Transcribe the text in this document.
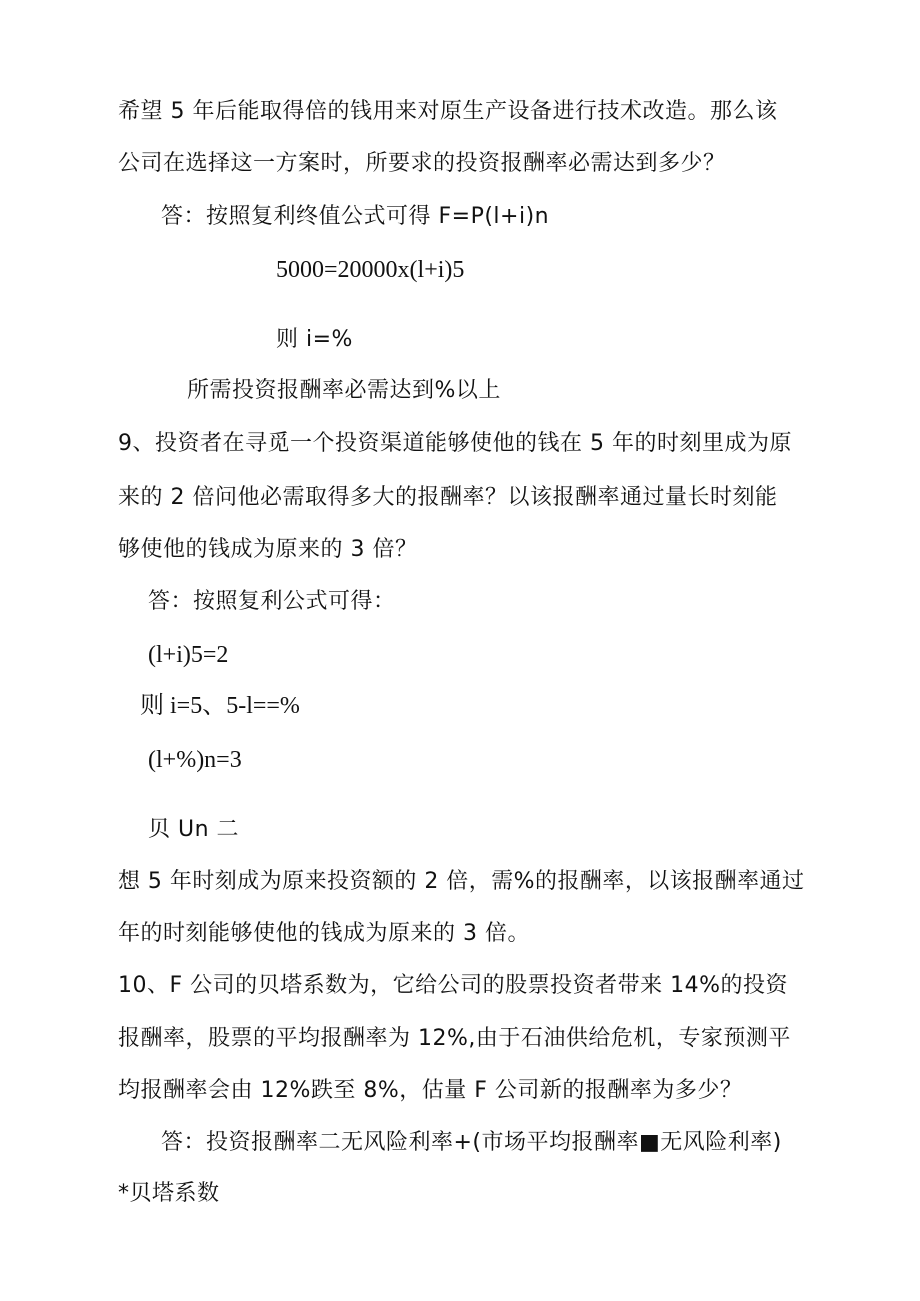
希望 5 年后能取得倍的钱用来对原生产设备进行技术改造。那么该
公司在选择这一方案时，所要求的投资报酬率必需达到多少？
答：按照复利终值公式可得 F=P(l+i)n
5000=20000x(l+i)5
则 i=%
所需投资报酬率必需达到%以上
9、投资者在寻觅一个投资渠道能够使他的钱在 5 年的时刻里成为原
来的 2 倍问他必需取得多大的报酬率？以该报酬率通过量长时刻能
够使他的钱成为原来的 3 倍？
答：按照复利公式可得：
(l+i)5=2
则 i=5、5-l==%
(l+%)n=3
贝 Un 二
想 5 年时刻成为原来投资额的 2 倍，需%的报酬率，以该报酬率通过
年的时刻能够使他的钱成为原来的 3 倍。
10、F 公司的贝塔系数为，它给公司的股票投资者带来 14%的投资
报酬率，股票的平均报酬率为 12%,由于石油供给危机，专家预测平
均报酬率会由 12%跌至 8%，估量 F 公司新的报酬率为多少？
答：投资报酬率二无风险利率+(市场平均报酬率■无风险利率)
*贝塔系数
